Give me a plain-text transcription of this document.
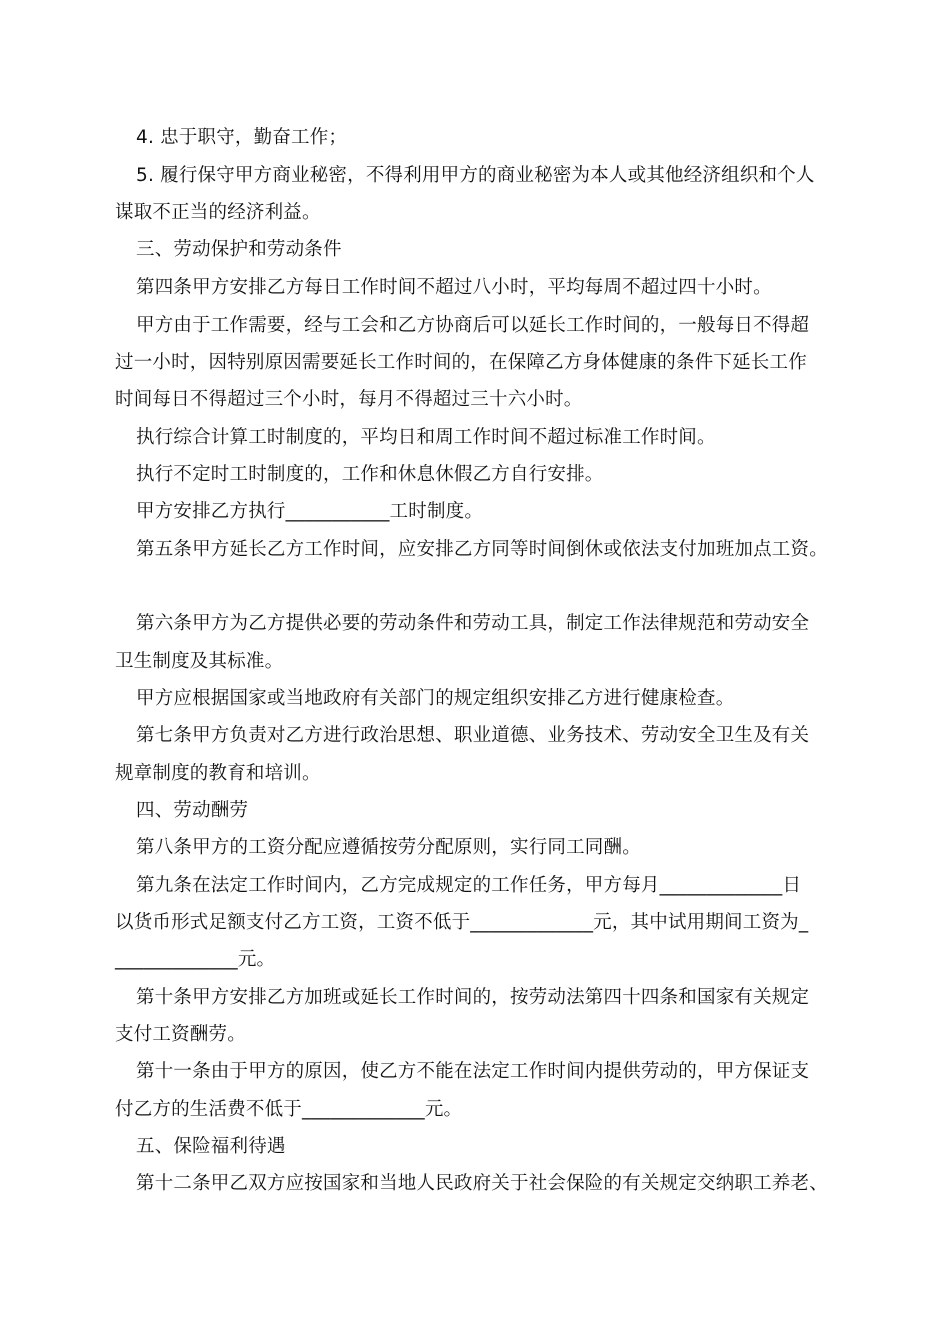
4. 忠于职守，勤奋工作；
5. 履行保守甲方商业秘密，不得利用甲方的商业秘密为本人或其他经济组织和个人
谋取不正当的经济利益。
三、劳动保护和劳动条件
第四条甲方安排乙方每日工作时间不超过八小时，平均每周不超过四十小时。
甲方由于工作需要，经与工会和乙方协商后可以延长工作时间的，一般每日不得超
过一小时，因特别原因需要延长工作时间的，在保障乙方身体健康的条件下延长工作
时间每日不得超过三个小时，每月不得超过三十六小时。
执行综合计算工时制度的，平均日和周工作时间不超过标准工作时间。
执行不定时工时制度的，工作和休息休假乙方自行安排。
甲方安排乙方执行___________工时制度。
第五条甲方延长乙方工作时间，应安排乙方同等时间倒休或依法支付加班加点工资。
第六条甲方为乙方提供必要的劳动条件和劳动工具，制定工作法律规范和劳动安全
卫生制度及其标准。
甲方应根据国家或当地政府有关部门的规定组织安排乙方进行健康检查。
第七条甲方负责对乙方进行政治思想、职业道德、业务技术、劳动安全卫生及有关
规章制度的教育和培训。
四、劳动酬劳
第八条甲方的工资分配应遵循按劳分配原则，实行同工同酬。
第九条在法定工作时间内，乙方完成规定的工作任务，甲方每月_____________日
以货币形式足额支付乙方工资，工资不低于_____________元，其中试用期间工资为_
_____________元。
第十条甲方安排乙方加班或延长工作时间的，按劳动法第四十四条和国家有关规定
支付工资酬劳。
第十一条由于甲方的原因，使乙方不能在法定工作时间内提供劳动的，甲方保证支
付乙方的生活费不低于_____________元。
五、保险福利待遇
第十二条甲乙双方应按国家和当地人民政府关于社会保险的有关规定交纳职工养老、
